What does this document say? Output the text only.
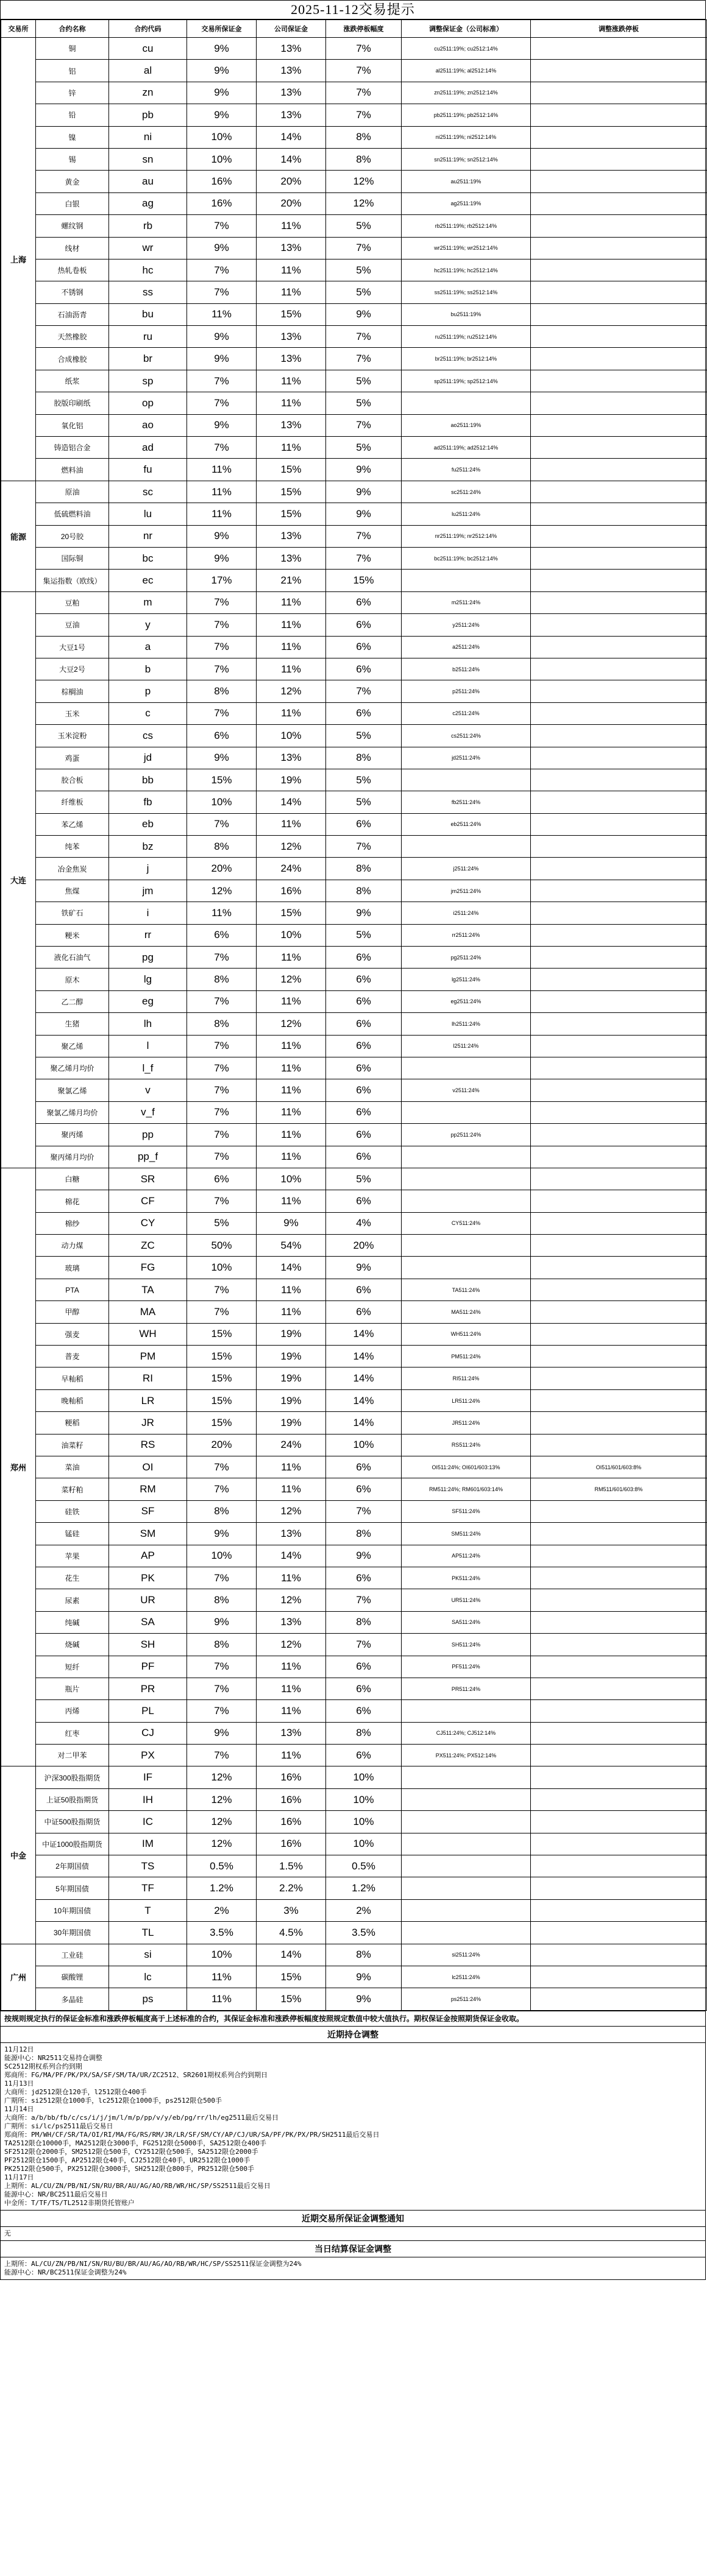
2025-11-12交易提示
交易所	合约名称	合约代码	交易所保证金	公司保证金	涨跌停板幅度	调整保证金（公司标准）	调整涨跌停板
上海	铜	cu	9%	13%	7%	cu2511:19%; cu2512:14%	
	铝	al	9%	13%	7%	al2511:19%; al2512:14%	
	锌	zn	9%	13%	7%	zn2511:19%; zn2512:14%	
	铅	pb	9%	13%	7%	pb2511:19%; pb2512:14%	
	镍	ni	10%	14%	8%	ni2511:19%; ni2512:14%	
	锡	sn	10%	14%	8%	sn2511:19%; sn2512:14%	
	黄金	au	16%	20%	12%	au2511:19%	
	白银	ag	16%	20%	12%	ag2511:19%	
	螺纹钢	rb	7%	11%	5%	rb2511:19%; rb2512:14%	
	线材	wr	9%	13%	7%	wr2511:19%; wr2512:14%	
	热轧卷板	hc	7%	11%	5%	hc2511:19%; hc2512:14%	
	不锈钢	ss	7%	11%	5%	ss2511:19%; ss2512:14%	
	石油沥青	bu	11%	15%	9%	bu2511:19%	
	天然橡胶	ru	9%	13%	7%	ru2511:19%; ru2512:14%	
	合成橡胶	br	9%	13%	7%	br2511:19%; br2512:14%	
	纸浆	sp	7%	11%	5%	sp2511:19%; sp2512:14%	
	胶版印刷纸	op	7%	11%	5%		
	氧化铝	ao	9%	13%	7%	ao2511:19%	
	铸造铝合金	ad	7%	11%	5%	ad2511:19%; ad2512:14%	
	燃料油	fu	11%	15%	9%	fu2511:24%	
能源	原油	sc	11%	15%	9%	sc2511:24%	
	低硫燃料油	lu	11%	15%	9%	lu2511:24%	
	20号胶	nr	9%	13%	7%	nr2511:19%; nr2512:14%	
	国际铜	bc	9%	13%	7%	bc2511:19%; bc2512:14%	
	集运指数（欧线）	ec	17%	21%	15%		
大连	豆粕	m	7%	11%	6%	m2511:24%	
	豆油	y	7%	11%	6%	y2511:24%	
	大豆1号	a	7%	11%	6%	a2511:24%	
	大豆2号	b	7%	11%	6%	b2511:24%	
	棕榈油	p	8%	12%	7%	p2511:24%	
	玉米	c	7%	11%	6%	c2511:24%	
	玉米淀粉	cs	6%	10%	5%	cs2511:24%	
	鸡蛋	jd	9%	13%	8%	jd2511:24%	
	胶合板	bb	15%	19%	5%		
	纤维板	fb	10%	14%	5%	fb2511:24%	
	苯乙烯	eb	7%	11%	6%	eb2511:24%	
	纯苯	bz	8%	12%	7%		
	冶金焦炭	j	20%	24%	8%	j2511:24%	
	焦煤	jm	12%	16%	8%	jm2511:24%	
	铁矿石	i	11%	15%	9%	i2511:24%	
	粳米	rr	6%	10%	5%	rr2511:24%	
	液化石油气	pg	7%	11%	6%	pg2511:24%	
	原木	lg	8%	12%	6%	lg2511:24%	
	乙二醇	eg	7%	11%	6%	eg2511:24%	
	生猪	lh	8%	12%	6%	lh2511:24%	
	聚乙烯	l	7%	11%	6%	l2511:24%	
	聚乙烯月均价	l_f	7%	11%	6%		
	聚氯乙烯	v	7%	11%	6%	v2511:24%	
	聚氯乙烯月均价	v_f	7%	11%	6%		
	聚丙烯	pp	7%	11%	6%	pp2511:24%	
	聚丙烯月均价	pp_f	7%	11%	6%		
郑州	白糖	SR	6%	10%	5%		
	棉花	CF	7%	11%	6%		
	棉纱	CY	5%	9%	4%	CY511:24%	
	动力煤	ZC	50%	54%	20%		
	玻璃	FG	10%	14%	9%		
	PTA	TA	7%	11%	6%	TA511:24%	
	甲醇	MA	7%	11%	6%	MA511:24%	
	强麦	WH	15%	19%	14%	WH511:24%	
	普麦	PM	15%	19%	14%	PM511:24%	
	早籼稻	RI	15%	19%	14%	RI511:24%	
	晚籼稻	LR	15%	19%	14%	LR511:24%	
	粳稻	JR	15%	19%	14%	JR511:24%	
	油菜籽	RS	20%	24%	10%	RS511:24%	
	菜油	OI	7%	11%	6%	OI511:24%; OI601/603:13%	OI511/601/603:8%
	菜籽粕	RM	7%	11%	6%	RM511:24%; RM601/603:14%	RM511/601/603:8%
	硅铁	SF	8%	12%	7%	SF511:24%	
	锰硅	SM	9%	13%	8%	SM511:24%	
	苹果	AP	10%	14%	9%	AP511:24%	
	花生	PK	7%	11%	6%	PK511:24%	
	尿素	UR	8%	12%	7%	UR511:24%	
	纯碱	SA	9%	13%	8%	SA511:24%	
	烧碱	SH	8%	12%	7%	SH511:24%	
	短纤	PF	7%	11%	6%	PF511:24%	
	瓶片	PR	7%	11%	6%	PR511:24%	
	丙烯	PL	7%	11%	6%		
	红枣	CJ	9%	13%	8%	CJ511:24%; CJ512:14%	
	对二甲苯	PX	7%	11%	6%	PX511:24%; PX512:14%	
中金	沪深300股指期货	IF	12%	16%	10%		
	上证50股指期货	IH	12%	16%	10%		
	中证500股指期货	IC	12%	16%	10%		
	中证1000股指期货	IM	12%	16%	10%		
	2年期国债	TS	0.5%	1.5%	0.5%		
	5年期国债	TF	1.2%	2.2%	1.2%		
	10年期国债	T	2%	3%	2%		
	30年期国债	TL	3.5%	4.5%	3.5%		
广州	工业硅	si	10%	14%	8%	si2511:24%	
	碳酸锂	lc	11%	15%	9%	lc2511:24%	
	多晶硅	ps	11%	15%	9%	ps2511:24%	
按规则规定执行的保证金标准和涨跌停板幅度高于上述标准的合约，其保证金标准和涨跌停板幅度按照规定数值中较大值执行。期权保证金按照期货保证金收取。
近期持仓调整
11月12日
能源中心：NR2511交易持仓调整
SC2512期权系列合约到期
郑商所：FG/MA/PF/PK/PX/SA/SF/SM/TA/UR/ZC2512、SR2601期权系列合约到期日
11月13日
大商所：jd2512限仓120手，l2512限仓400手
广期所：si2512限仓1000手，lc2512限仓1000手，ps2512限仓500手
11月14日
大商所：a/b/bb/fb/c/cs/i/j/jm/l/m/p/pp/v/y/eb/pg/rr/lh/eg2511最后交易日
广期所：si/lc/ps2511最后交易日
郑商所：PM/WH/CF/SR/TA/OI/RI/MA/FG/RS/RM/JR/LR/SF/SM/CY/AP/CJ/UR/SA/PF/PK/PX/PR/SH2511最后交易日
TA2512限仓10000手，MA2512限仓3000手，FG2512限仓5000手，SA2512限仓400手
SF2512限仓2000手，SM2512限仓500手，CY2512限仓500手，SA2512限仓2000手
PF2512限仓1500手，AP2512限仓40手，CJ2512限仓40手，UR2512限仓1000手
PK2512限仓500手，PX2512限仓3000手，SH2512限仓800手，PR2512限仓500手
11月17日
上期所：AL/CU/ZN/PB/NI/SN/RU/BR/AU/AG/AO/RB/WR/HC/SP/SS2511最后交易日
能源中心：NR/BC2511最后交易日
中金所：T/TF/TS/TL2512非期货托管账户
近期交易所保证金调整通知
无
当日结算保证金调整
上期所：AL/CU/ZN/PB/NI/SN/RU/BU/BR/AU/AG/AO/RB/WR/HC/SP/SS2511保证金调整为24%
能源中心：NR/BC2511保证金调整为24%
